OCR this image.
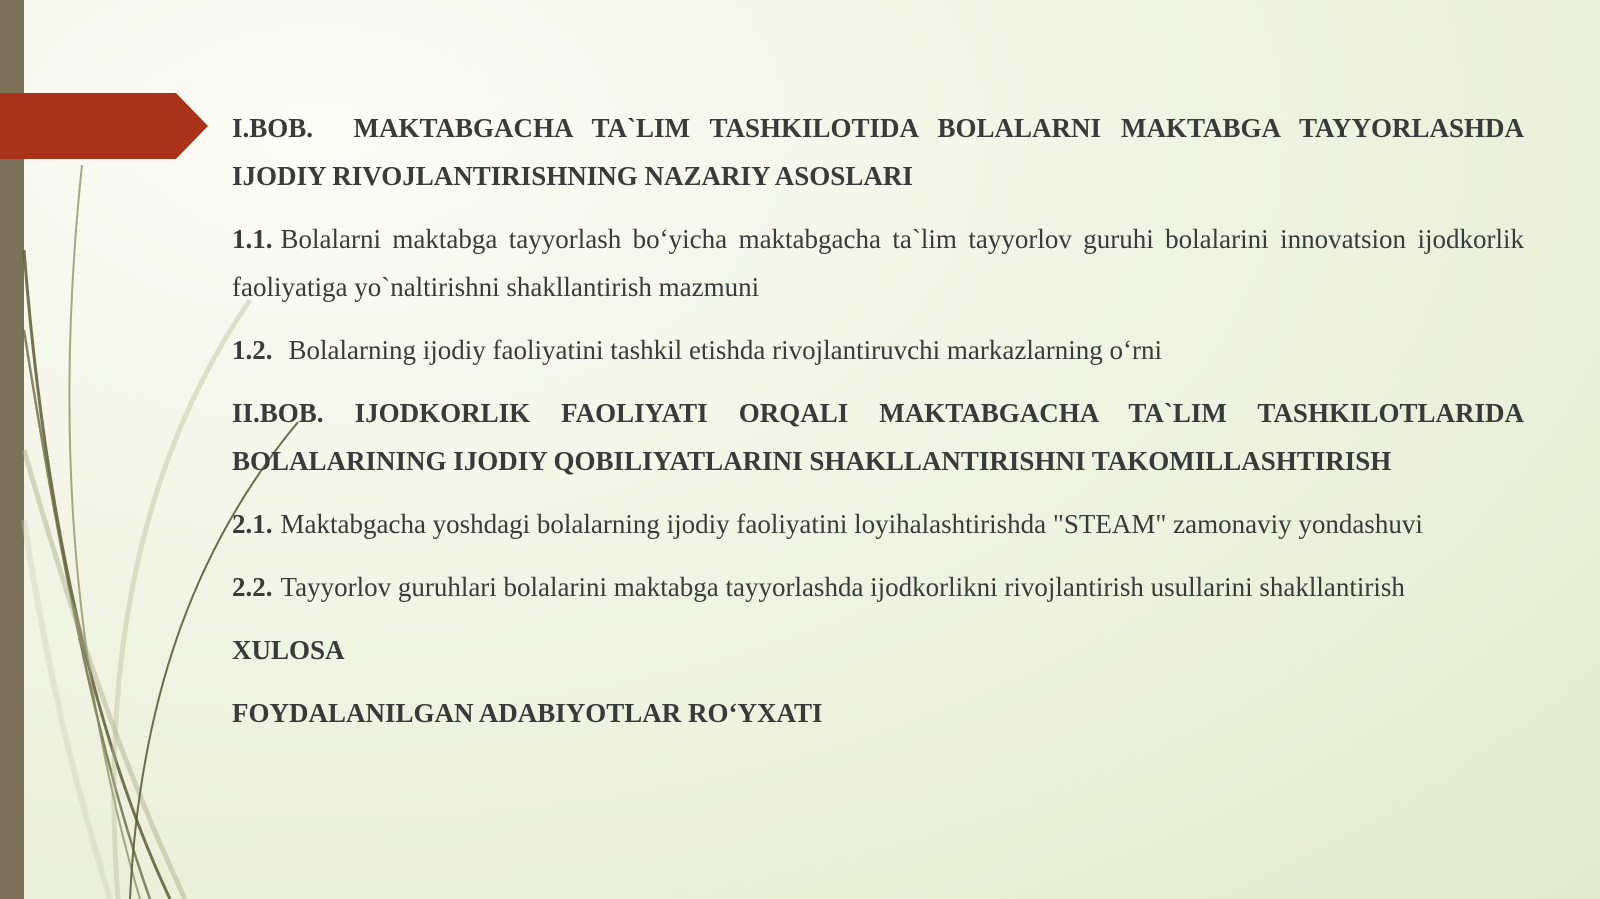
I.BOB.  MAKTABGACHA TA`LIM TASHKILOTIDA BOLALARNI MAKTABGA TAYYORLASHDA IJODIY RIVOJLANTIRISHNING NAZARIY ASOSLARI

1.1. Bolalarni maktabga tayyorlash bo‘yicha maktabgacha ta`lim tayyorlov guruhi bolalarini innovatsion ijodkorlik faoliyatiga yo`naltirishni shakllantirish mazmuni

1.2. Bolalarning ijodiy faoliyatini tashkil etishda rivojlantiruvchi markazlarning o‘rni

II.BOB. IJODKORLIK FAOLIYATI ORQALI MAKTABGACHA TA`LIM TASHKILOTLARIDA BOLALARINING IJODIY QOBILIYATLARINI SHAKLLANTIRISHNI TAKOMILLASHTIRISH

2.1. Maktabgacha yoshdagi bolalarning ijodiy faoliyatini loyihalashtirishda "STEAM" zamonaviy yondashuvi

2.2. Tayyorlov guruhlari bolalarini maktabga tayyorlashda ijodkorlikni rivojlantirish usullarini shakllantirish

XULOSA

FOYDALANILGAN ADABIYOTLAR RO‘YXATI
